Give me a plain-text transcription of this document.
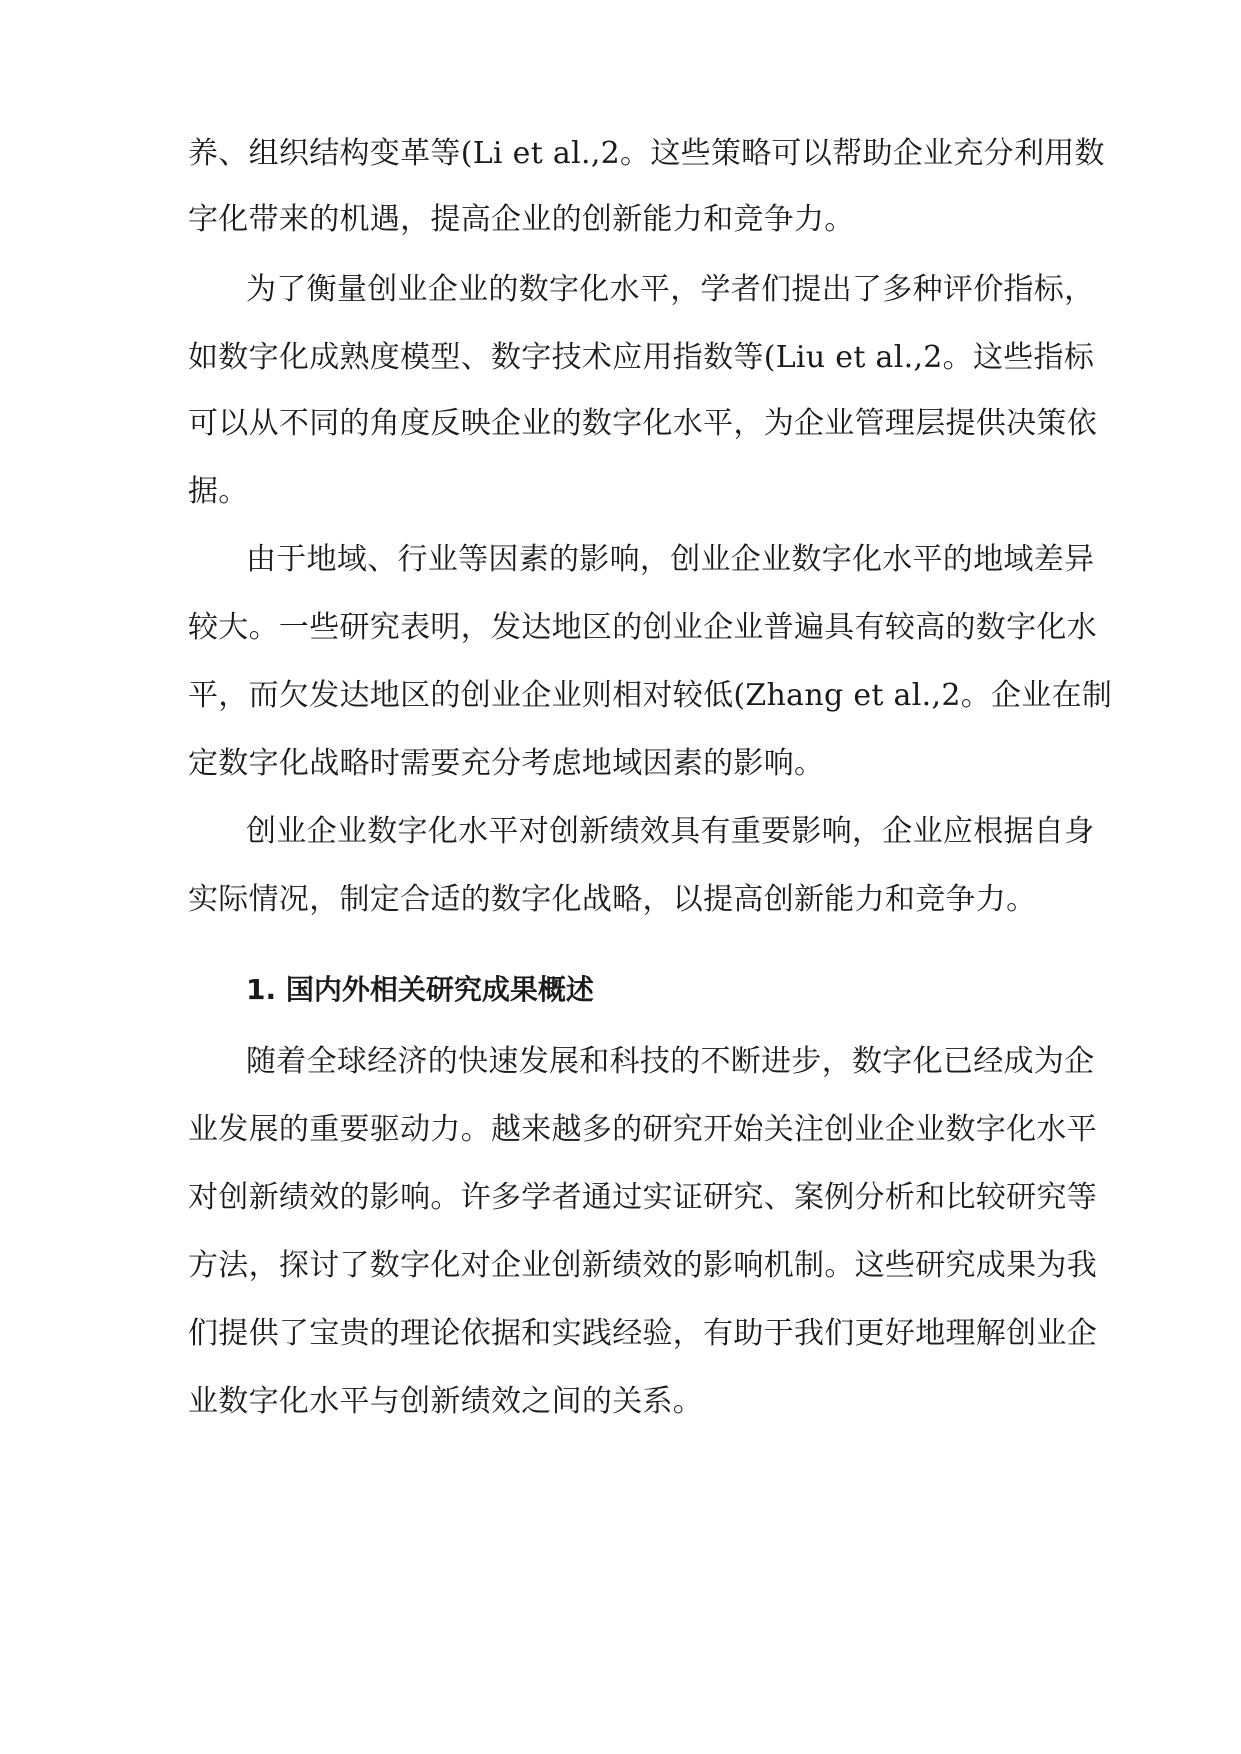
养、组织结构变革等(Li et al.,2。这些策略可以帮助企业充分利用数
字化带来的机遇，提高企业的创新能力和竞争力。
为了衡量创业企业的数字化水平，学者们提出了多种评价指标，
如数字化成熟度模型、数字技术应用指数等(Liu et al.,2。这些指标
可以从不同的角度反映企业的数字化水平，为企业管理层提供决策依
据。
由于地域、行业等因素的影响，创业企业数字化水平的地域差异
较大。一些研究表明，发达地区的创业企业普遍具有较高的数字化水
平，而欠发达地区的创业企业则相对较低(Zhang et al.,2。企业在制
定数字化战略时需要充分考虑地域因素的影响。
创业企业数字化水平对创新绩效具有重要影响，企业应根据自身
实际情况，制定合适的数字化战略，以提高创新能力和竞争力。
1. 国内外相关研究成果概述
随着全球经济的快速发展和科技的不断进步，数字化已经成为企
业发展的重要驱动力。越来越多的研究开始关注创业企业数字化水平
对创新绩效的影响。许多学者通过实证研究、案例分析和比较研究等
方法，探讨了数字化对企业创新绩效的影响机制。这些研究成果为我
们提供了宝贵的理论依据和实践经验，有助于我们更好地理解创业企
业数字化水平与创新绩效之间的关系。
